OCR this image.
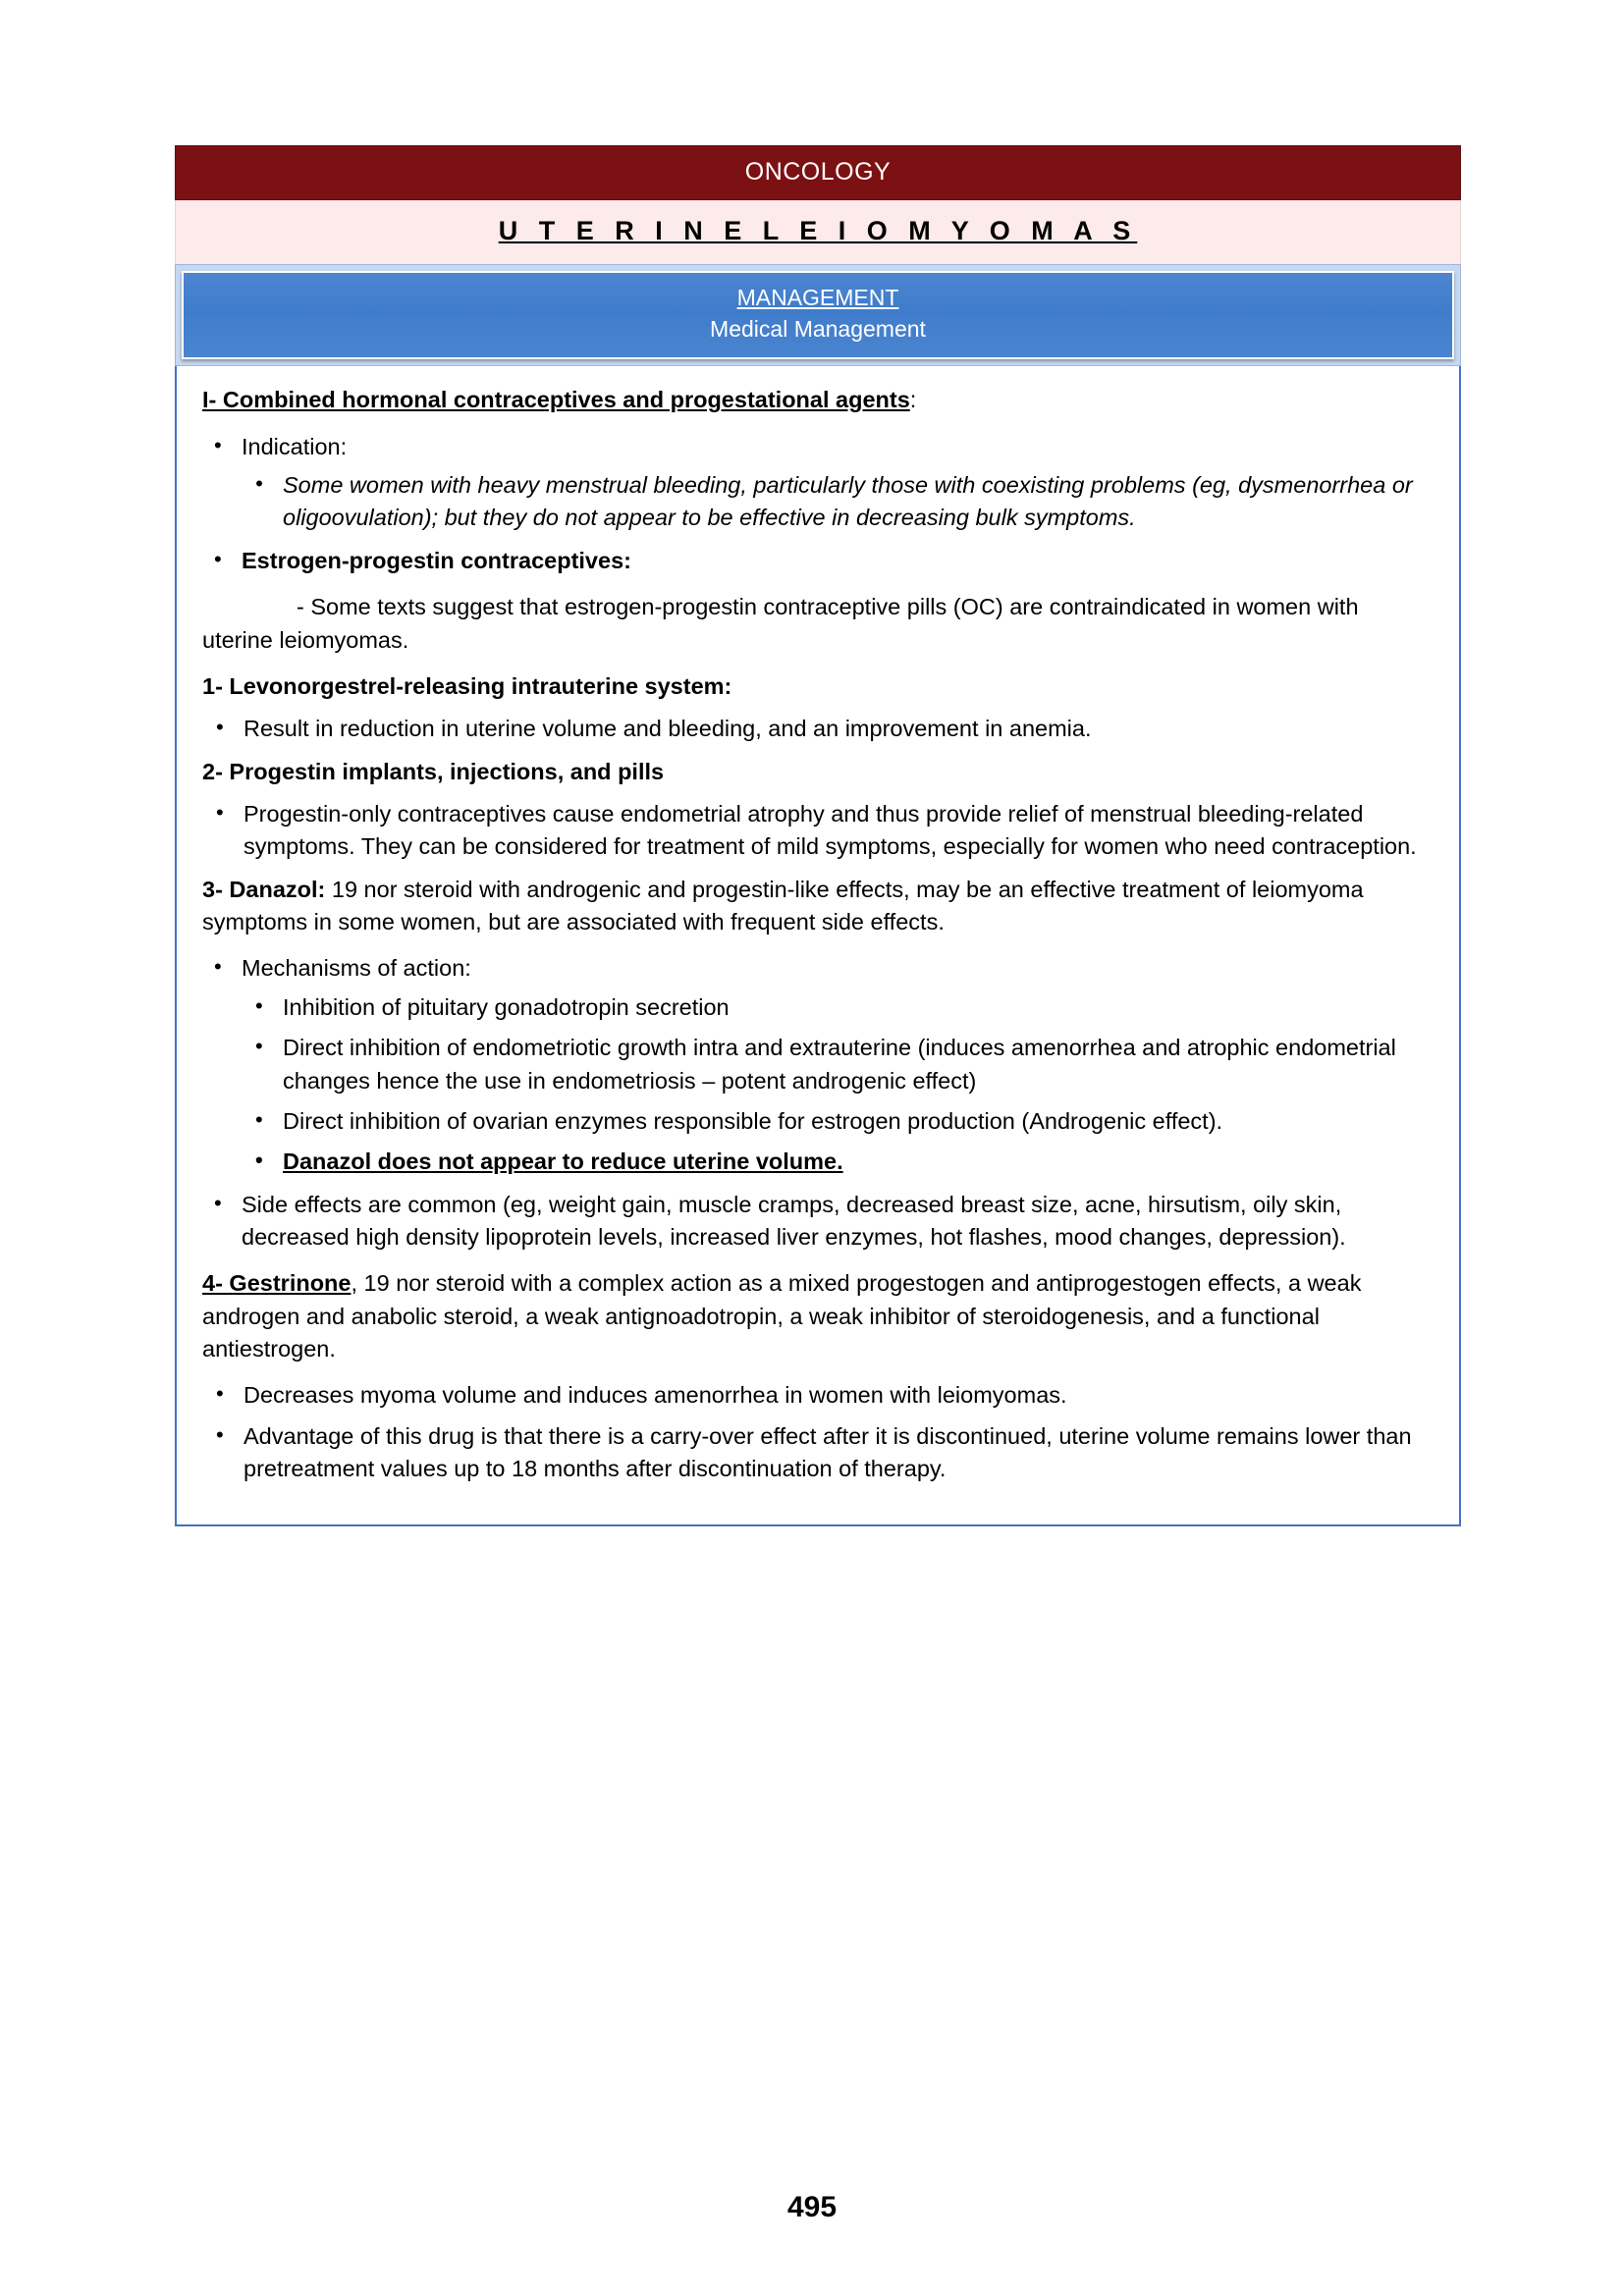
ONCOLOGY
U T E R I N E L E I O M Y O M A S
MANAGEMENT
Medical Management

I- Combined hormonal contraceptives and progestational agents:

• Indication:
• Some women with heavy menstrual bleeding, particularly those with coexisting problems (eg, dysmenorrhea or oligoovulation); but they do not appear to be effective in decreasing bulk symptoms.
• Estrogen-progestin contraceptives:

- Some texts suggest that estrogen-progestin contraceptive pills (OC) are contraindicated in women with uterine leiomyomas.

1- Levonorgestrel-releasing intrauterine system:

• Result in reduction in uterine volume and bleeding, and an improvement in anemia.

2- Progestin implants, injections, and pills

• Progestin-only contraceptives cause endometrial atrophy and thus provide relief of menstrual bleeding-related symptoms. They can be considered for treatment of mild symptoms, especially for women who need contraception.

3- Danazol: 19 nor steroid with androgenic and progestin-like effects, may be an effective treatment of leiomyoma symptoms in some women, but are associated with frequent side effects.

• Mechanisms of action:
• Inhibition of pituitary gonadotropin secretion
• Direct inhibition of endometriotic growth intra and extrauterine (induces amenorrhea and atrophic endometrial changes hence the use in endometriosis – potent androgenic effect)
• Direct inhibition of ovarian enzymes responsible for estrogen production (Androgenic effect).
• Danazol does not appear to reduce uterine volume.
• Side effects are common (eg, weight gain, muscle cramps, decreased breast size, acne, hirsutism, oily skin, decreased high density lipoprotein levels, increased liver enzymes, hot flashes, mood changes, depression).

4- Gestrinone, 19 nor steroid with a complex action as a mixed progestogen and antiprogestogen effects, a weak androgen and anabolic steroid, a weak antignoadotropin, a weak inhibitor of steroidogenesis, and a functional antiestrogen.

• Decreases myoma volume and induces amenorrhea in women with leiomyomas.
• Advantage of this drug is that there is a carry-over effect after it is discontinued, uterine volume remains lower than pretreatment values up to 18 months after discontinuation of therapy.
495
